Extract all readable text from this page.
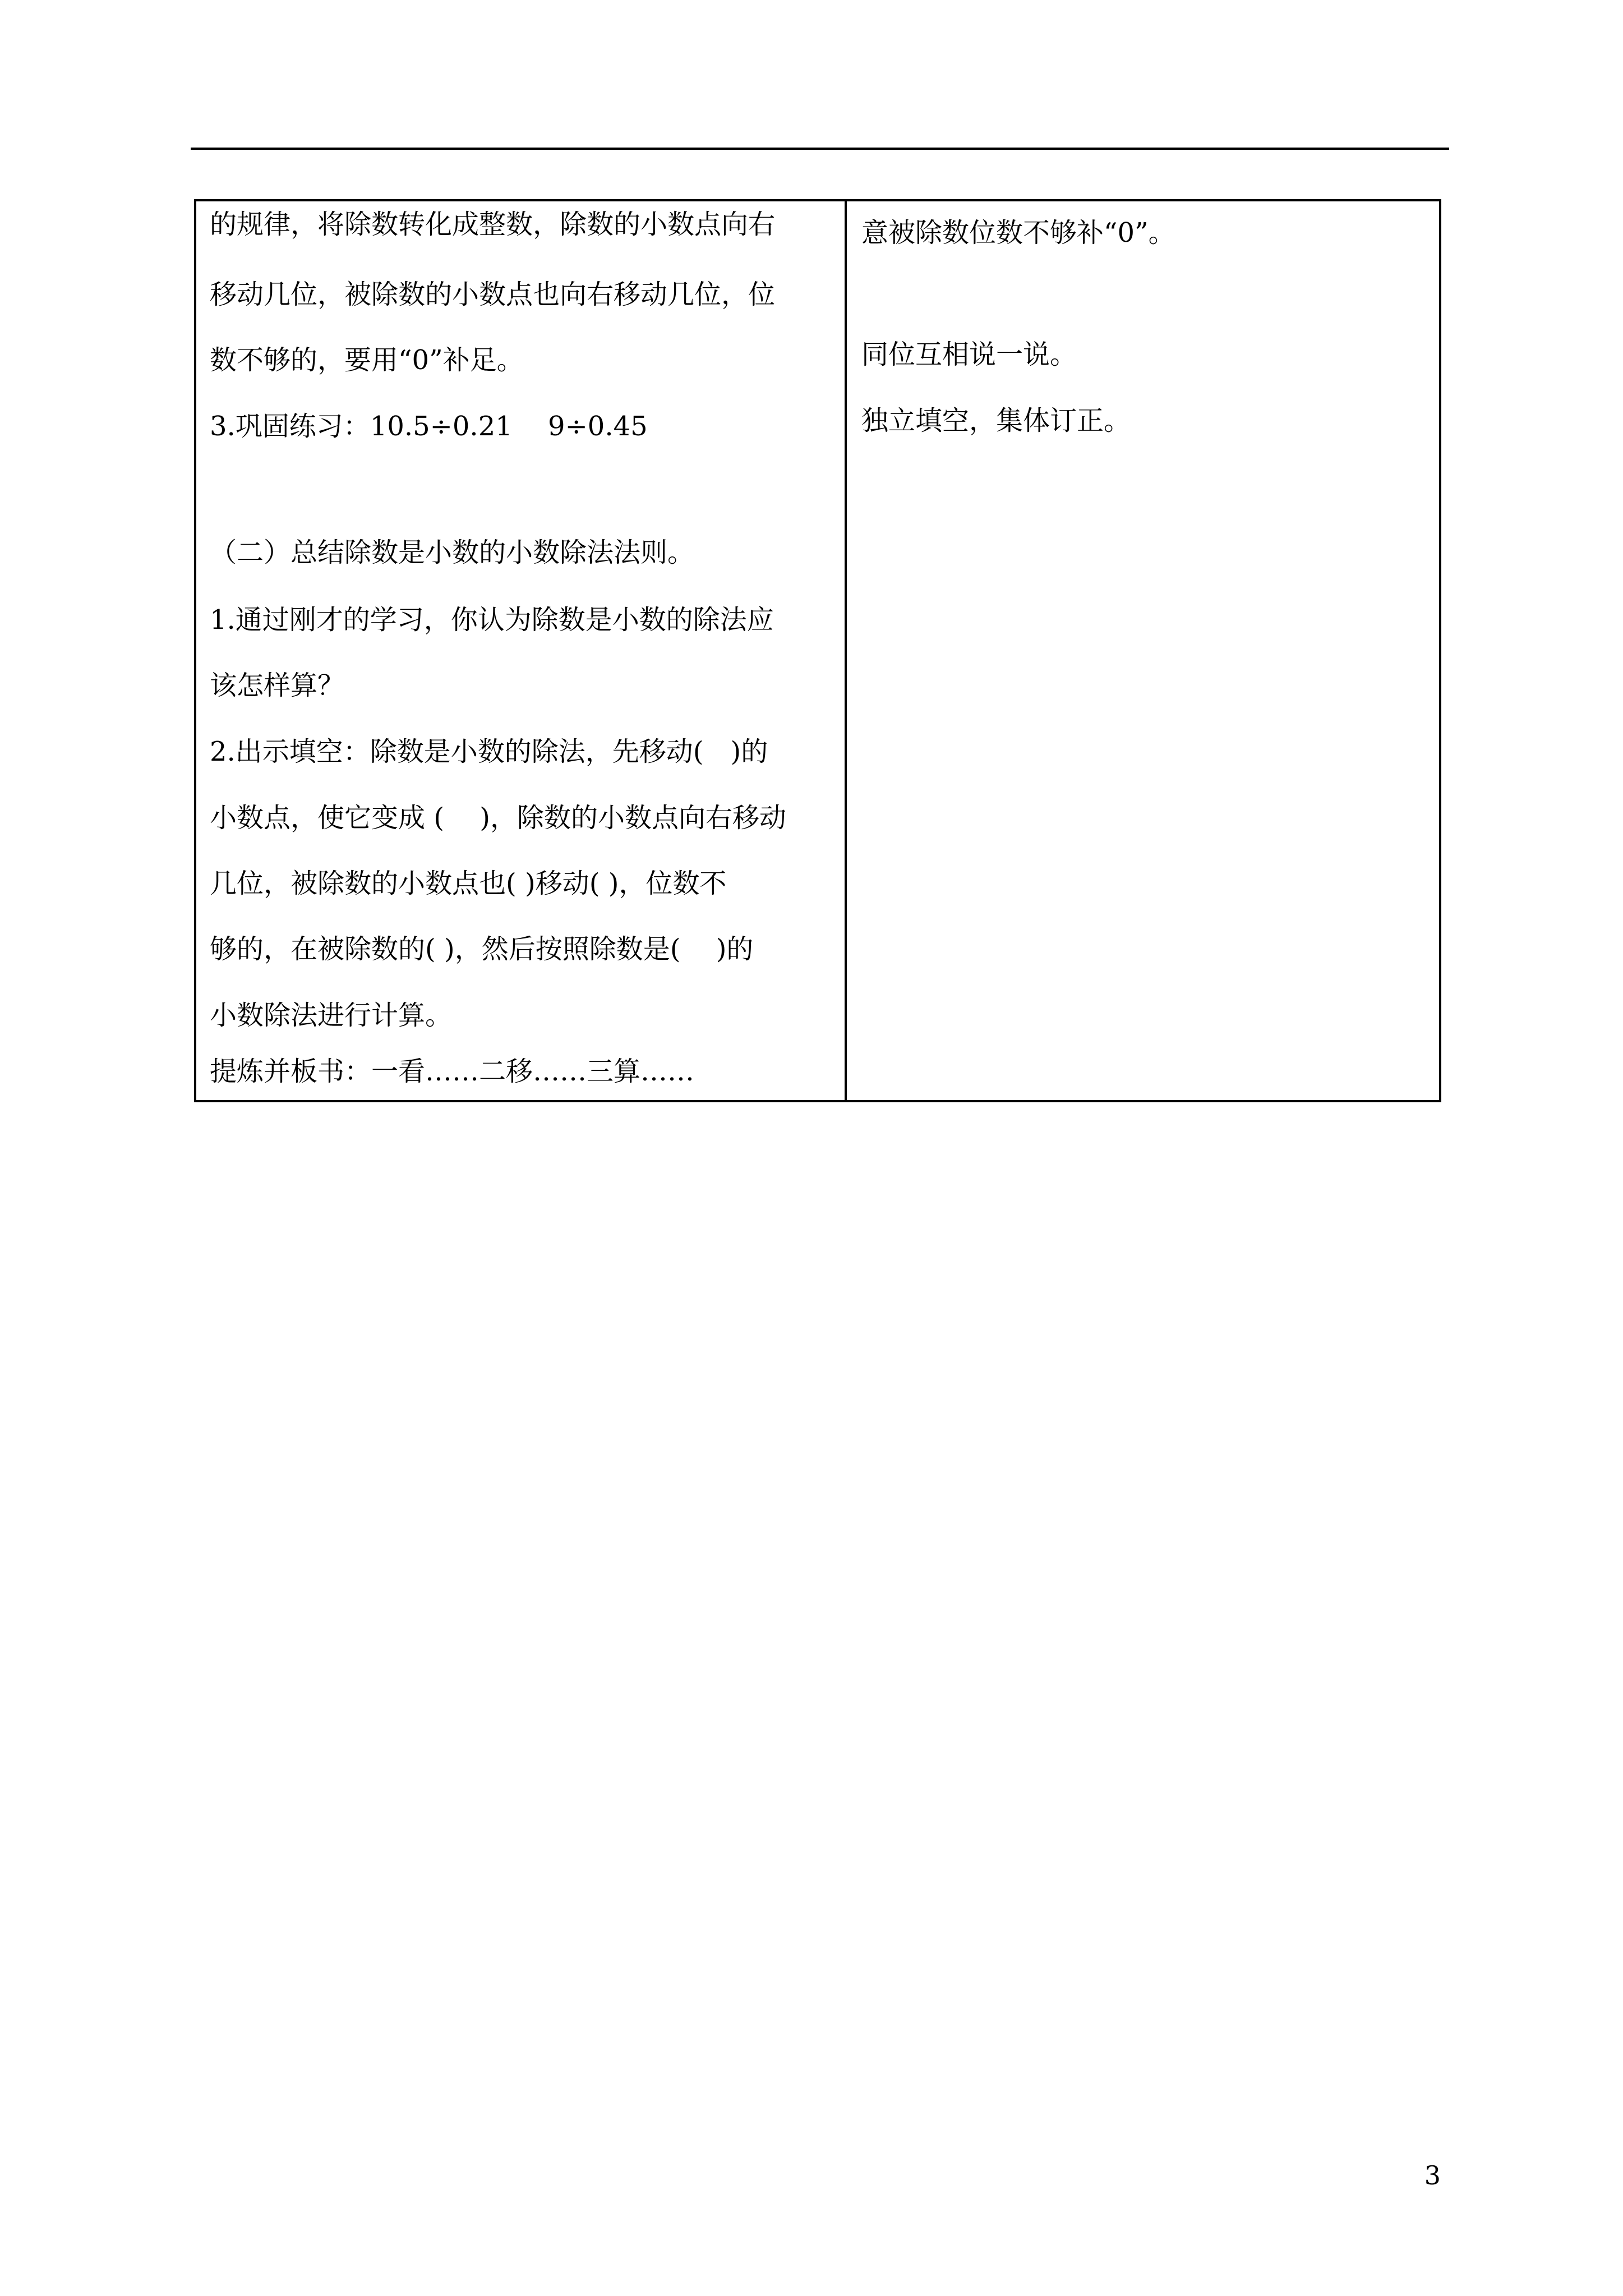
的规律，将除数转化成整数，除数的小数点向右
移动几位，被除数的小数点也向右移动几位，位
数不够的，要用“0”补足。
3.巩固练习：10.5÷0.21　 9÷0.45
（二）总结除数是小数的小数除法法则。
1.通过刚才的学习，你认为除数是小数的除法应
该怎样算？
2.出示填空：除数是小数的除法，先移动(　)的
小数点，使它变成 (　 )，除数的小数点向右移动
几位，被除数的小数点也( )移动( )，位数不
够的，在被除数的( )，然后按照除数是(　 )的
小数除法进行计算。
提炼并板书：一看……二移……三算……
意被除数位数不够补“0”。
同位互相说一说。
独立填空，集体订正。
3
